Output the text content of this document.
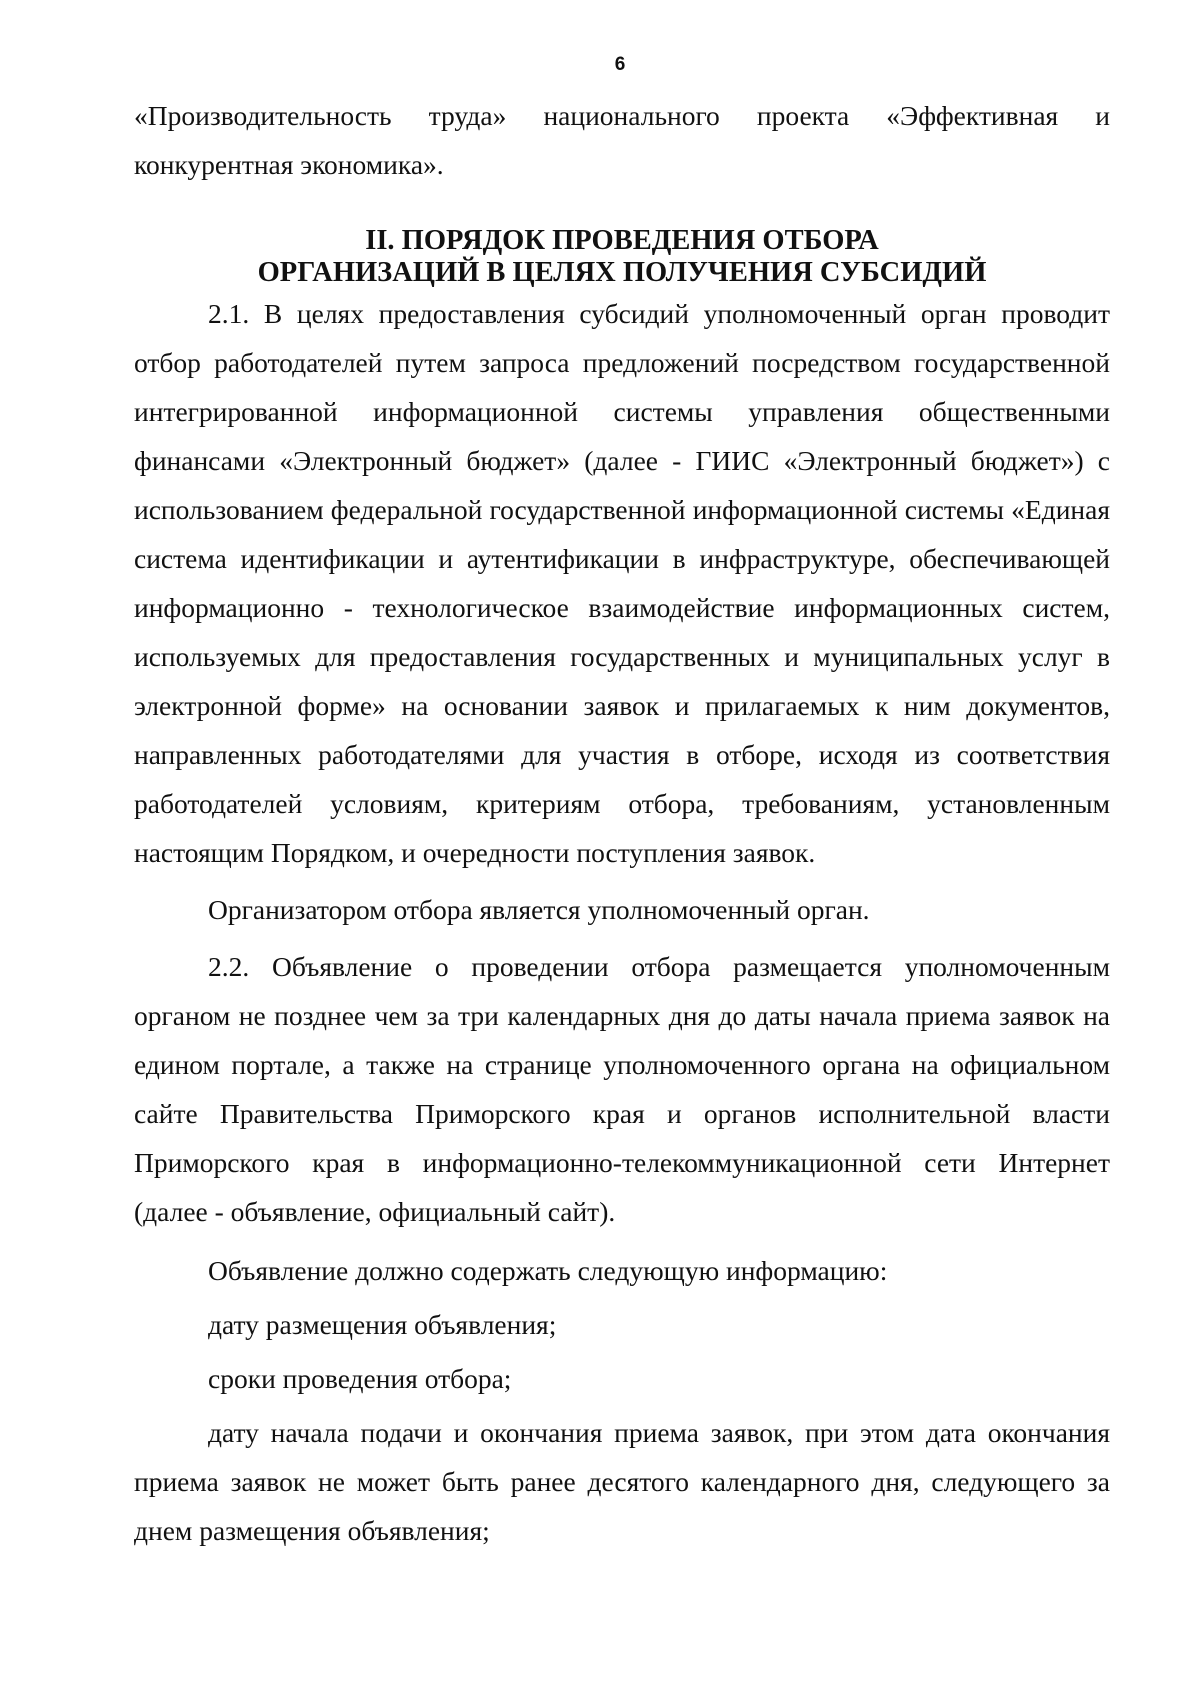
6

«Производительность труда» национального проекта «Эффективная и конкурентная экономика».

II. ПОРЯДОК ПРОВЕДЕНИЯ ОТБОРА
ОРГАНИЗАЦИЙ В ЦЕЛЯХ ПОЛУЧЕНИЯ СУБСИДИЙ

2.1. В целях предоставления субсидий уполномоченный орган проводит отбор работодателей путем запроса предложений посредством государственной интегрированной информационной системы управления общественными финансами «Электронный бюджет» (далее - ГИИС «Электронный бюджет») с использованием федеральной государственной информационной системы «Единая система идентификации и аутентификации в инфраструктуре, обеспечивающей информационно - технологическое взаимодействие информационных систем, используемых для предоставления государственных и муниципальных услуг в электронной форме» на основании заявок и прилагаемых к ним документов, направленных работодателями для участия в отборе, исходя из соответствия работодателей условиям, критериям отбора, требованиям, установленным настоящим Порядком, и очередности поступления заявок.

Организатором отбора является уполномоченный орган.

2.2. Объявление о проведении отбора размещается уполномоченным органом не позднее чем за три календарных дня до даты начала приема заявок на едином портале, а также на странице уполномоченного органа на официальном сайте Правительства Приморского края и органов исполнительной власти Приморского края в информационно-телекоммуникационной сети Интернет (далее - объявление, официальный сайт).

Объявление должно содержать следующую информацию:

дату размещения объявления;

сроки проведения отбора;

дату начала подачи и окончания приема заявок, при этом дата окончания приема заявок не может быть ранее десятого календарного дня, следующего за днем размещения объявления;
